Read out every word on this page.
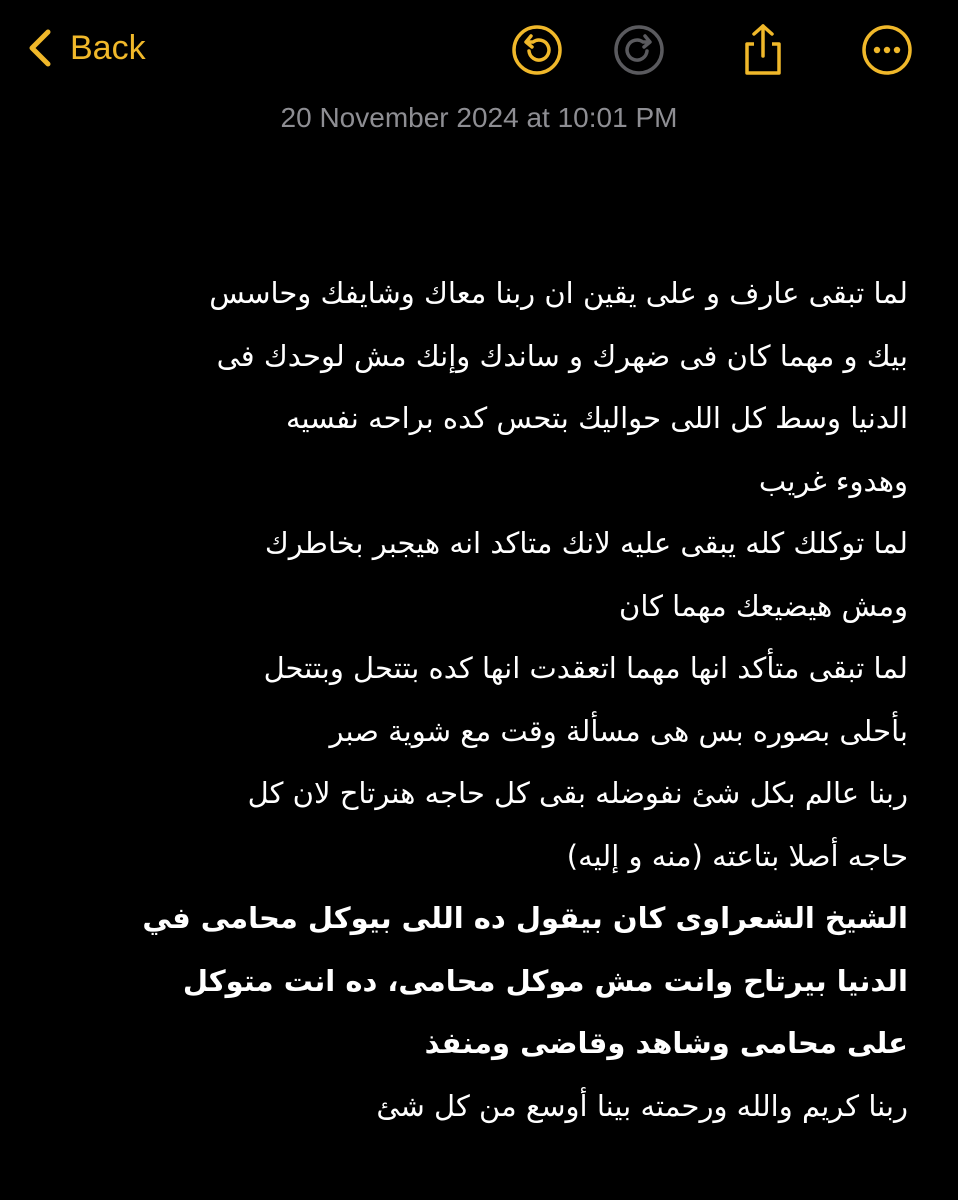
Back
20 November 2024 at 10:01 PM
لما تبقى عارف و على يقين ان ربنا معاك وشايفك وحاسس
بيك و مهما كان فى ضهرك و ساندك وإنك مش لوحدك فى
الدنيا وسط كل اللى حواليك بتحس كده براحه نفسيه
وهدوء غريب
لما توكلك كله يبقى عليه لانك متاكد انه هيجبر بخاطرك
ومش هيضيعك مهما كان
لما تبقى متأكد انها مهما اتعقدت انها كده بتتحل وبتتحل
بأحلى بصوره بس هى مسألة وقت مع شوية صبر
ربنا عالم بكل شئ نفوضله بقى كل حاجه هنرتاح لان كل
حاجه أصلا بتاعته (منه و إليه)
الشيخ الشعراوى كان بيقول ده اللى بيوكل محامى في
الدنيا بيرتاح وانت مش موكل محامى، ده انت متوكل
على محامى وشاهد وقاضى ومنفذ
ربنا كريم والله ورحمته بينا أوسع من كل شئ
